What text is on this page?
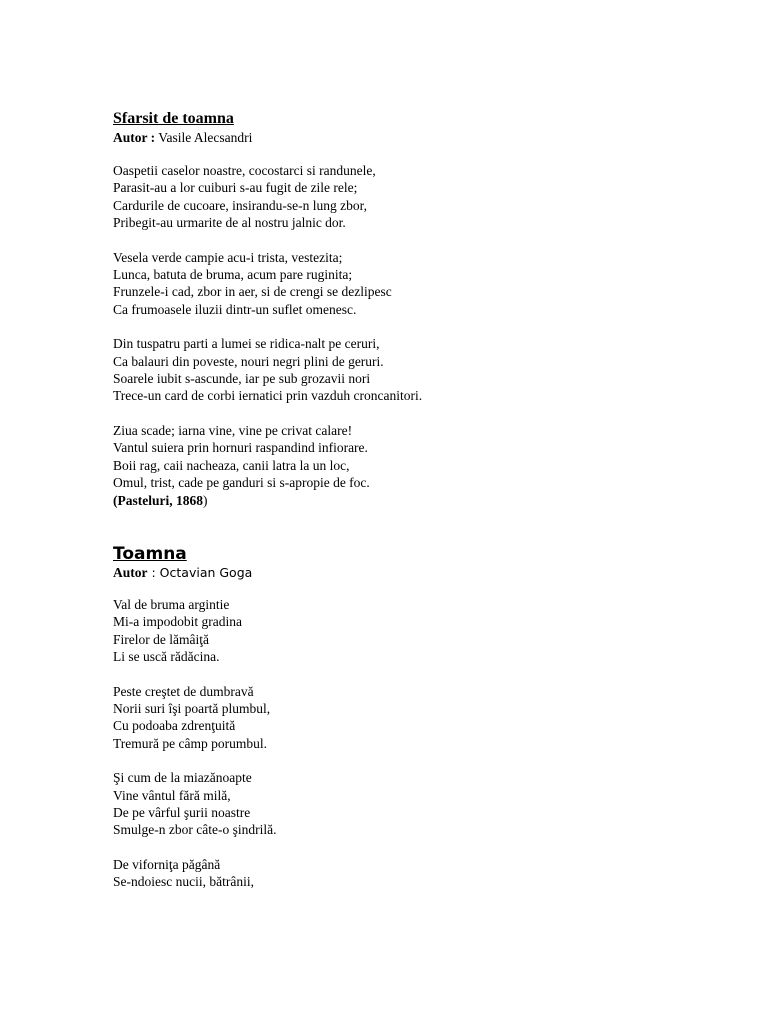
Sfarsit de toamna

Autor : Vasile Alecsandri

Oaspetii caselor noastre, cocostarci si randunele,
Parasit-au a lor cuiburi s-au fugit de zile rele;
Cardurile de cucoare, insirandu-se-n lung zbor,
Pribegit-au urmarite de al nostru jalnic dor.
Vesela verde campie acu-i trista, vestezita;
Lunca, batuta de bruma, acum pare ruginita;
Frunzele-i cad, zbor in aer, si de crengi se dezlipesc
Ca frumoasele iluzii dintr-un suflet omenesc.
Din tuspatru parti a lumei se ridica-nalt pe ceruri,
Ca balauri din poveste, nouri negri plini de geruri.
Soarele iubit s-ascunde, iar pe sub grozavii nori
Trece-un card de corbi iernatici prin vazduh croncanitori.
Ziua scade; iarna vine, vine pe crivat calare!
Vantul suiera prin hornuri raspandind infiorare.
Boii rag, caii nacheaza, canii latra la un loc,
Omul, trist, cade pe ganduri si s-apropie de foc.
(Pasteluri, 1868)
Toamna

Autor : Octavian Goga

Val de bruma argintie
Mi-a impodobit gradina
Firelor de lămâiţă
Li se uscă rădăcina.
Peste creştet de dumbravă
Norii suri îşi poartă plumbul,
Cu podoaba zdrenţuită
Tremură pe câmp porumbul.
Şi cum de la miazănoapte
Vine vântul fără milă,
De pe vârful şurii noastre
Smulge-n zbor câte-o şindrilă.
De viforniţa păgână
Se-ndoiesc nucii, bătrânii,
